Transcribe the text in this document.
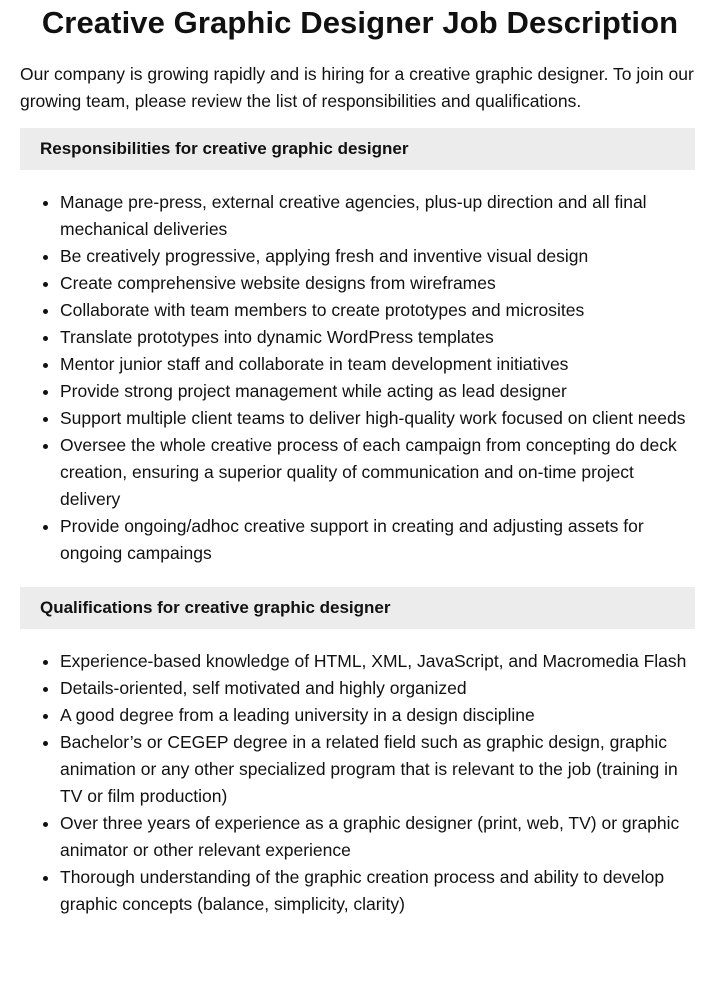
Creative Graphic Designer Job Description

Our company is growing rapidly and is hiring for a creative graphic designer. To join our growing team, please review the list of responsibilities and qualifications.

Responsibilities for creative graphic designer
• Manage pre-press, external creative agencies, plus-up direction and all final mechanical deliveries
• Be creatively progressive, applying fresh and inventive visual design
• Create comprehensive website designs from wireframes
• Collaborate with team members to create prototypes and microsites
• Translate prototypes into dynamic WordPress templates
• Mentor junior staff and collaborate in team development initiatives
• Provide strong project management while acting as lead designer
• Support multiple client teams to deliver high-quality work focused on client needs
• Oversee the whole creative process of each campaign from concepting do deck creation, ensuring a superior quality of communication and on-time project delivery
• Provide ongoing/adhoc creative support in creating and adjusting assets for ongoing campaings
Qualifications for creative graphic designer
• Experience-based knowledge of HTML, XML, JavaScript, and Macromedia Flash
• Details-oriented, self motivated and highly organized
• A good degree from a leading university in a design discipline
• Bachelor’s or CEGEP degree in a related field such as graphic design, graphic animation or any other specialized program that is relevant to the job (training in TV or film production)
• Over three years of experience as a graphic designer (print, web, TV) or graphic animator or other relevant experience
• Thorough understanding of the graphic creation process and ability to develop graphic concepts (balance, simplicity, clarity)
